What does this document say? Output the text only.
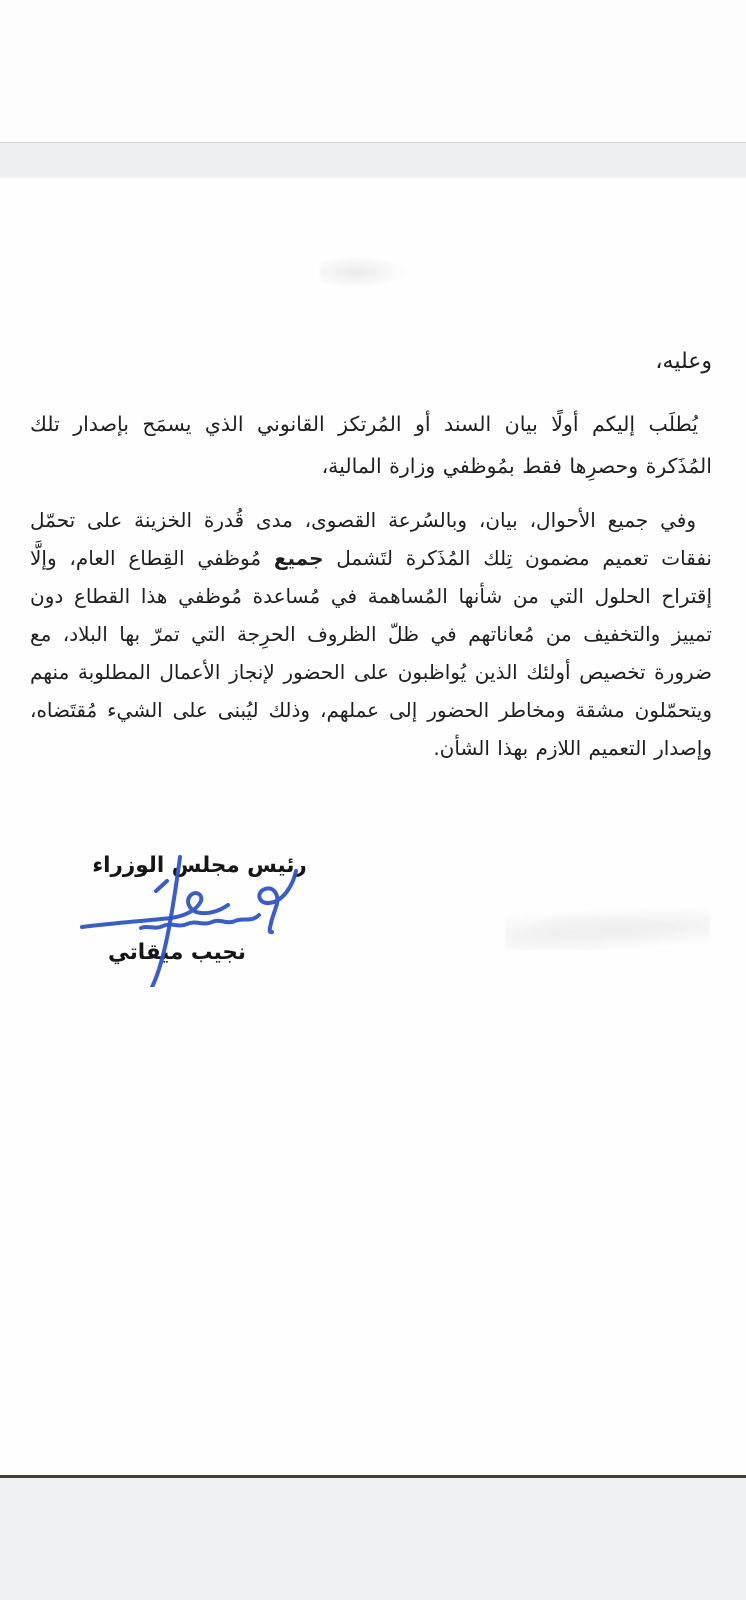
وعليه،

يُطلَب إليكم أولًا بيان السند أو المُرتكز القانوني الذي يسمَح بإصدار تلك المُذَكرة وحصرِها فقط بمُوظفي وزارة المالية،

وفي جميع الأحوال، بيان، وبالسُرعة القصوى، مدى قُدرة الخزينة على تحمّل نفقات تعميم مضمون تِلك المُذَكرة لتَشمل جميع مُوظفي القِطاع العام، وإلَّا إقتراح الحلول التي من شأنها المُساهمة في مُساعدة مُوظفي هذا القطاع دون تمييز والتخفيف من مُعاناتهم في ظلّ الظروف الحرِجة التي تمرّ بها البلاد، مع ضرورة تخصيص أولئك الذين يُواظبون على الحضور لإنجاز الأعمال المطلوبة منهم ويتحمّلون مشقة ومخاطر الحضور إلى عملهم، وذلك ليُبنى على الشيء مُقتَضاه، وإصدار التعميم اللازم بهذا الشأن.

رئيس مجلس الوزراء
نجيب ميقاتي
